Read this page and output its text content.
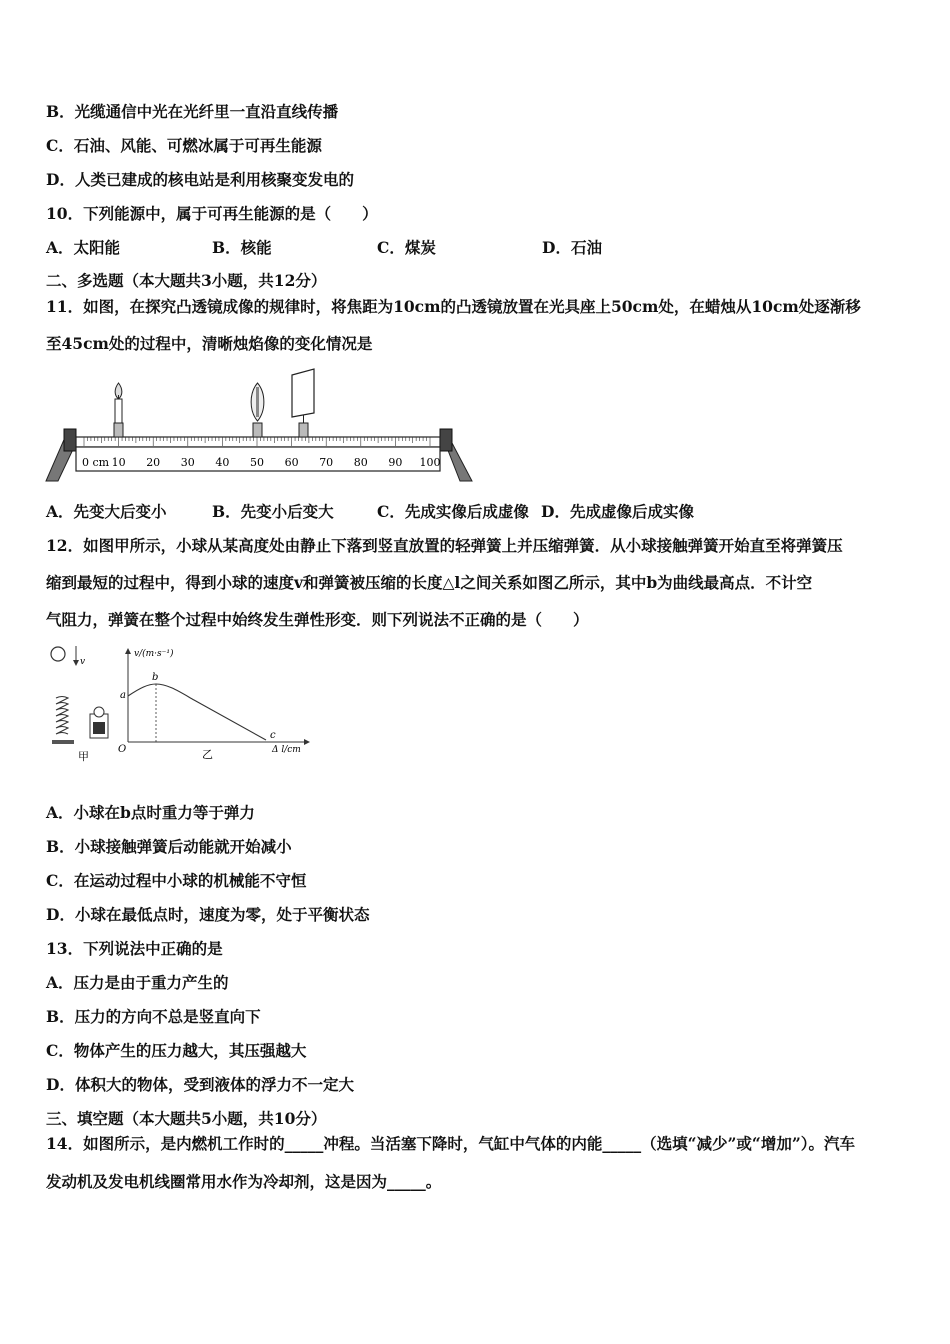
B．光缆通信中光在光纤里一直沿直线传播
C．石油、风能、可燃冰属于可再生能源
D．人类已建成的核电站是利用核聚变发电的
10．下列能源中，属于可再生能源的是（　　）
A．太阳能	B．核能	C．煤炭	D．石油
二、多选题（本大题共3小题，共12分）
11．如图，在探究凸透镜成像的规律时，将焦距为10cm的凸透镜放置在光具座上50cm处，在蜡烛从10cm处逐渐移
至45cm处的过程中，清晰烛焰像的变化情况是
0 cm 10 20 30 40 50 60 70 80 90 100
A．先变大后变小	B．先变小后变大	C．先成实像后成虚像 D．先成虚像后成实像
12．如图甲所示，小球从某高度处由静止下落到竖直放置的轻弹簧上并压缩弹簧．从小球接触弹簧开始直至将弹簧压
缩到最短的过程中，得到小球的速度v和弹簧被压缩的长度△l之间关系如图乙所示，其中b为曲线最高点．不计空
气阻力，弹簧在整个过程中始终发生弹性形变．则下列说法不正确的是（　　）
v
甲
v/(m·s⁻¹)
Δ l/cm
O
a
b
c
乙
A．小球在b点时重力等于弹力
B．小球接触弹簧后动能就开始减小
C．在运动过程中小球的机械能不守恒
D．小球在最低点时，速度为零，处于平衡状态
13．下列说法中正确的是
A．压力是由于重力产生的
B．压力的方向不总是竖直向下
C．物体产生的压力越大，其压强越大
D．体积大的物体，受到液体的浮力不一定大
三、填空题（本大题共5小题，共10分）
14．如图所示，是内燃机工作时的_____冲程。当活塞下降时，气缸中气体的内能_____（选填“减少”或“增加”）。汽车
发动机及发电机线圈常用水作为冷却剂，这是因为_____。
